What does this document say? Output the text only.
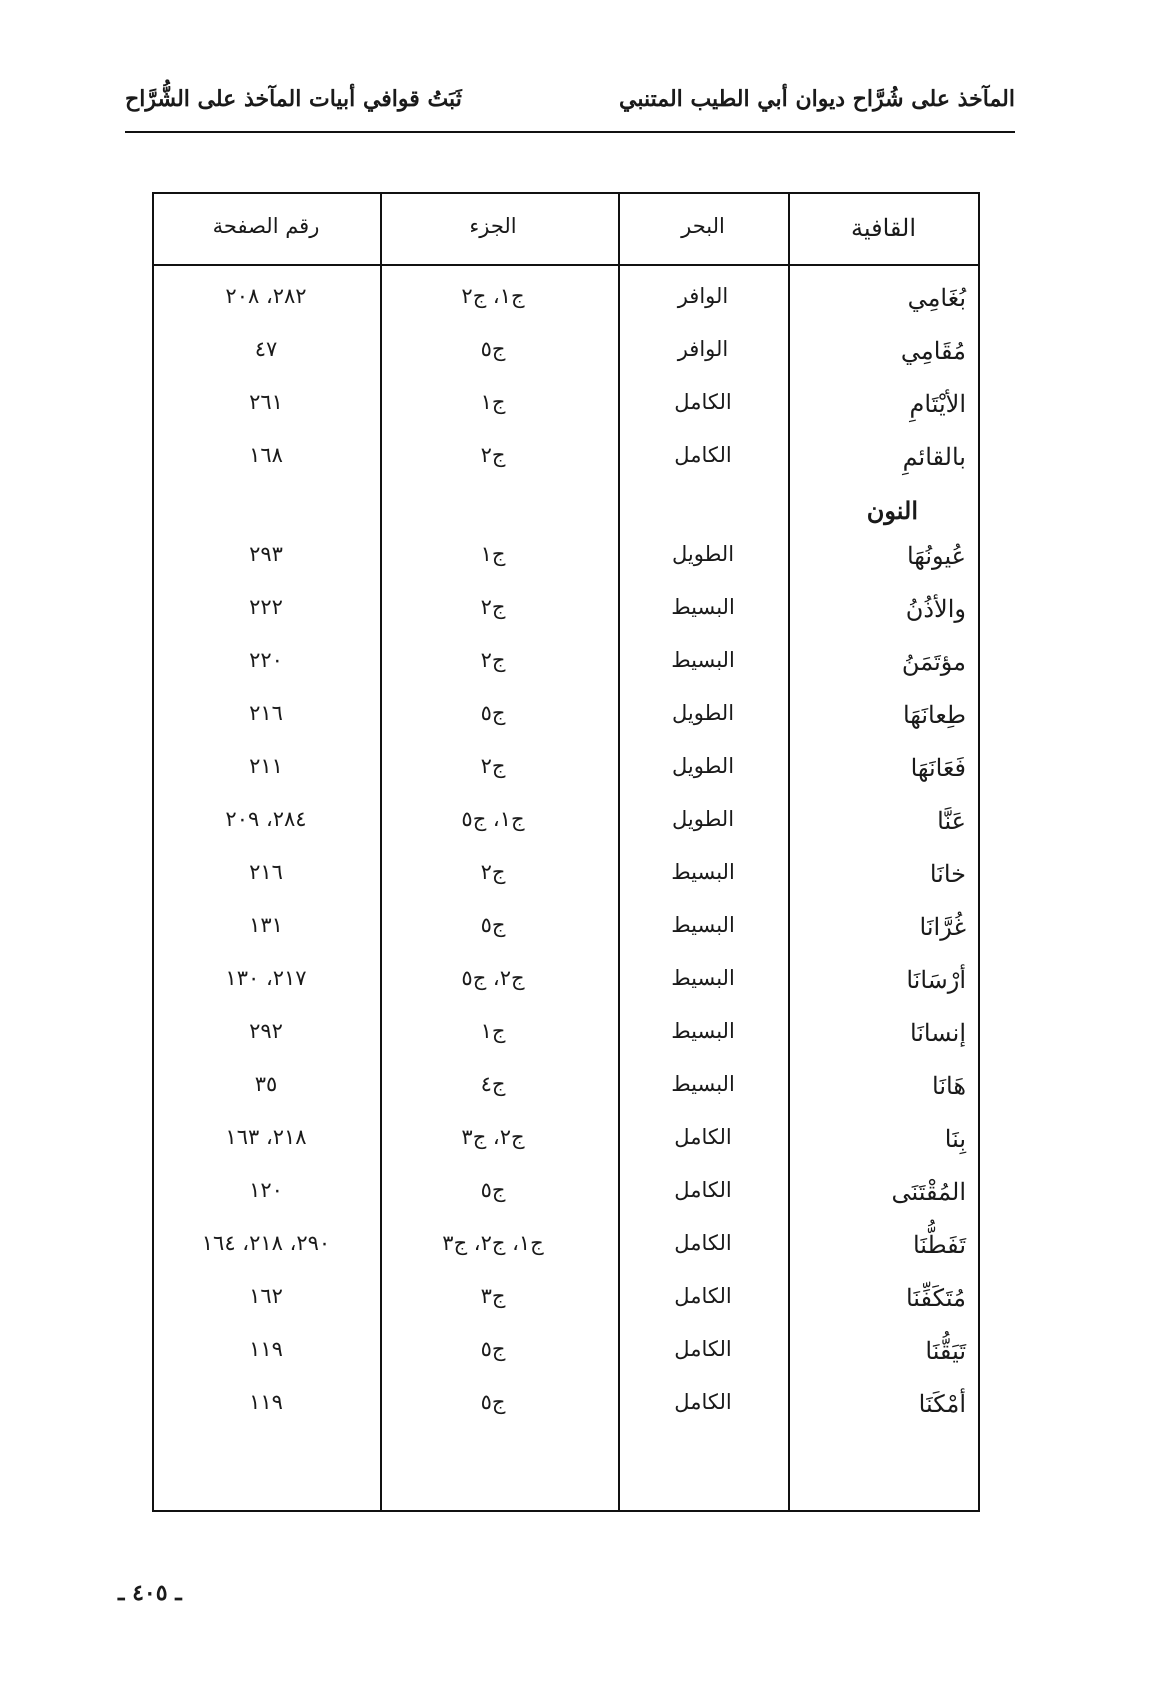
المآخذ على شُرَّاح ديوان أبي الطيب المتنبي
ثَبَتُ قوافي أبيات المآخذ على الشُّرَّاح
القافية
البحر
الجزء
رقم الصفحة
بُغَامِي
الوافر
ج١، ج٢
٢٨٢، ٢٠٨
مُقَامِي
الوافر
ج٥
٤٧
الأيْتَامِ
الكامل
ج١
٢٦١
بالقائمِ
الكامل
ج٢
١٦٨
النون
عُيونُهَا
الطويل
ج١
٢٩٣
والأذُنُ
البسيط
ج٢
٢٢٢
مؤتَمَنُ
البسيط
ج٢
٢٢٠
طِعانَهَا
الطويل
ج٥
٢١٦
فَعَانَهَا
الطويل
ج٢
٢١١
عَنَّا
الطويل
ج١، ج٥
٢٨٤، ٢٠٩
خانَا
البسيط
ج٢
٢١٦
غُرَّانَا
البسيط
ج٥
١٣١
أرْسَانَا
البسيط
ج٢، ج٥
٢١٧، ١٣٠
إنسانَا
البسيط
ج١
٢٩٢
هَانَا
البسيط
ج٤
٣٥
بِنَا
الكامل
ج٢، ج٣
٢١٨، ١٦٣
المُقْتَنَى
الكامل
ج٥
١٢٠
تَفَطُّنَا
الكامل
ج١، ج٢، ج٣
٢٩٠، ٢١٨، ١٦٤
مُتَكَفِّنَا
الكامل
ج٣
١٦٢
تَيَقُّنَا
الكامل
ج٥
١١٩
أمْكَنَا
الكامل
ج٥
١١٩
ـ ٤٠٥ ـ
